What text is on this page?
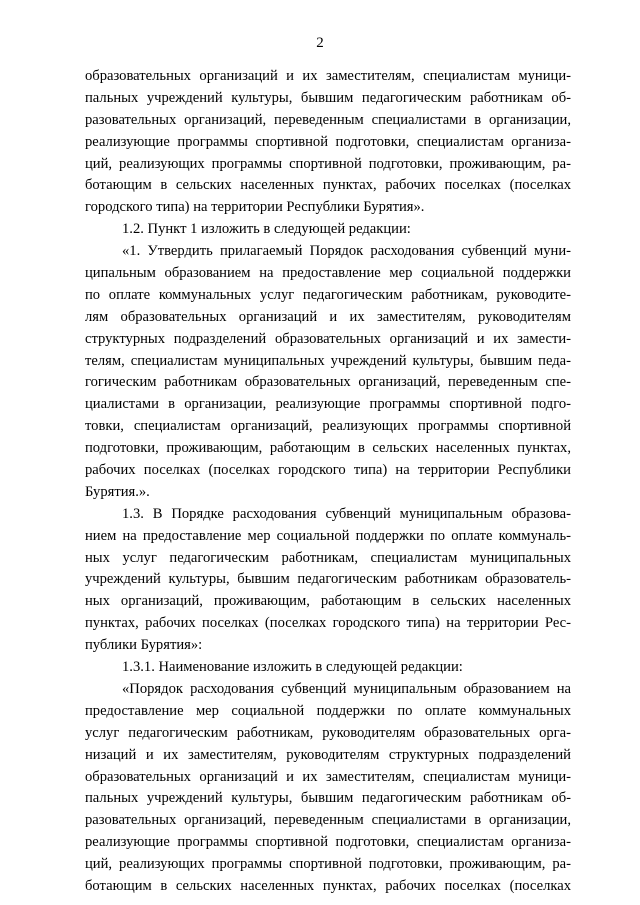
2
образовательных организаций и их заместителям, специалистам муници-
пальных учреждений культуры, бывшим педагогическим работникам об-
разовательных организаций, переведенным специалистами в организации,
реализующие программы спортивной подготовки, специалистам организа-
ций, реализующих программы спортивной подготовки, проживающим, ра-
ботающим в сельских населенных пунктах, рабочих поселках (поселках
городского типа) на территории Республики Бурятия».
1.2. Пункт 1 изложить в следующей редакции:
«1. Утвердить прилагаемый Порядок расходования субвенций муни-
ципальным образованием на предоставление мер социальной поддержки
по оплате коммунальных услуг педагогическим работникам, руководите-
лям образовательных организаций и их заместителям, руководителям
структурных подразделений образовательных организаций и их замести-
телям, специалистам муниципальных учреждений культуры, бывшим педа-
гогическим работникам образовательных организаций, переведенным спе-
циалистами в организации, реализующие программы спортивной подго-
товки, специалистам организаций, реализующих программы спортивной
подготовки, проживающим, работающим в сельских населенных пунктах,
рабочих поселках (поселках городского типа) на территории Республики
Бурятия.».
1.3. В Порядке расходования субвенций муниципальным образова-
нием на предоставление мер социальной поддержки по оплате коммуналь-
ных услуг педагогическим работникам, специалистам муниципальных
учреждений культуры, бывшим педагогическим работникам образователь-
ных организаций, проживающим, работающим в сельских населенных
пунктах, рабочих поселках (поселках городского типа) на территории Рес-
публики Бурятия»:
1.3.1. Наименование изложить в следующей редакции:
«Порядок расходования субвенций муниципальным образованием на
предоставление мер социальной поддержки по оплате коммунальных
услуг педагогическим работникам, руководителям образовательных орга-
низаций и их заместителям, руководителям структурных подразделений
образовательных организаций и их заместителям, специалистам муници-
пальных учреждений культуры, бывшим педагогическим работникам об-
разовательных организаций, переведенным специалистами в организации,
реализующие программы спортивной подготовки, специалистам организа-
ций, реализующих программы спортивной подготовки, проживающим, ра-
ботающим в сельских населенных пунктах, рабочих поселках (поселках
